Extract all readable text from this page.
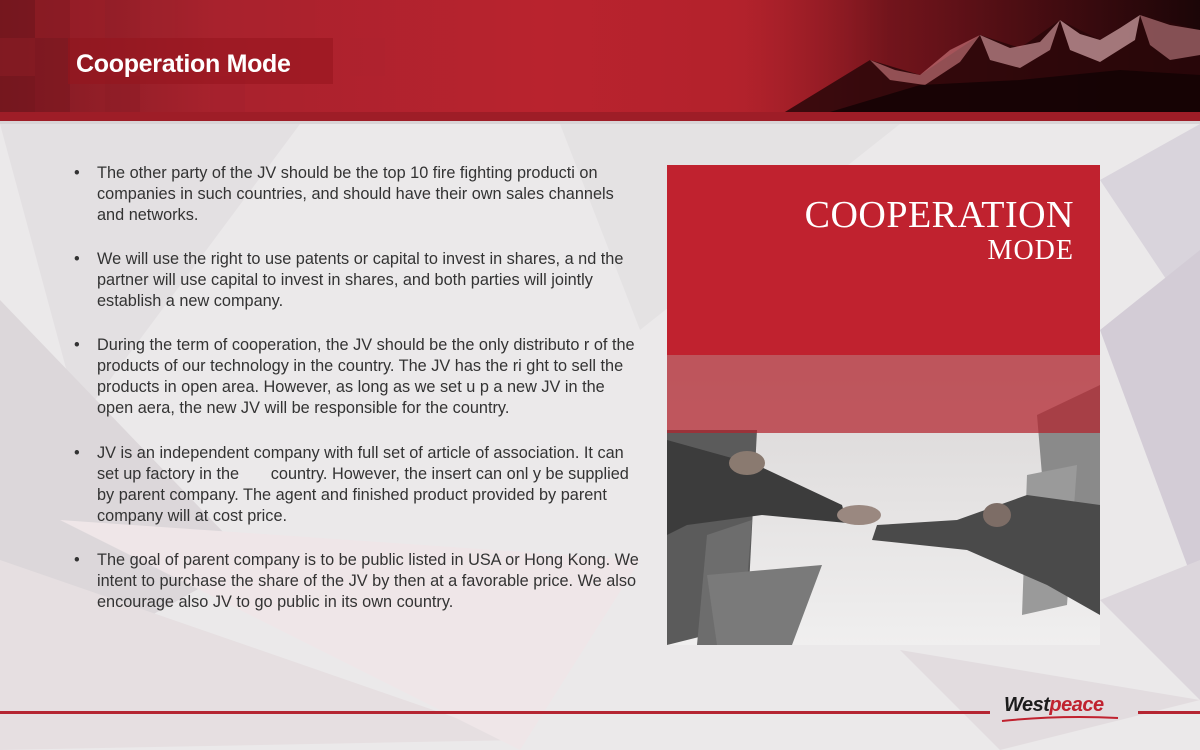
Cooperation Mode
• The other party of the JV should be the top 10 fire fighting producti on companies in such countries, and should have their own sales channels and networks.
• We will use the right to use patents or capital to invest in shares, a nd the partner will use capital to invest in shares, and both parties will jointly establish a new company.
• During the term of cooperation, the JV should be the only distributo r of the products of our technology in the country. The JV has the ri ght to sell the products in open area. However, as long as we set u p a new JV in the open aera, the new JV will be responsible for the country.
• JV is an independent company with full set of article of association. It can set up factory in the       country. However, the insert can onl y be supplied by parent company. The agent and finished product provided by parent company will at cost price.
• The goal of parent company is to be public listed in USA or Hong Kong. We intent to purchase the share of the JV by then at a favorable price. We also encourage also JV to go public in its own country.
COOPERATION
MODE
Westpeace
